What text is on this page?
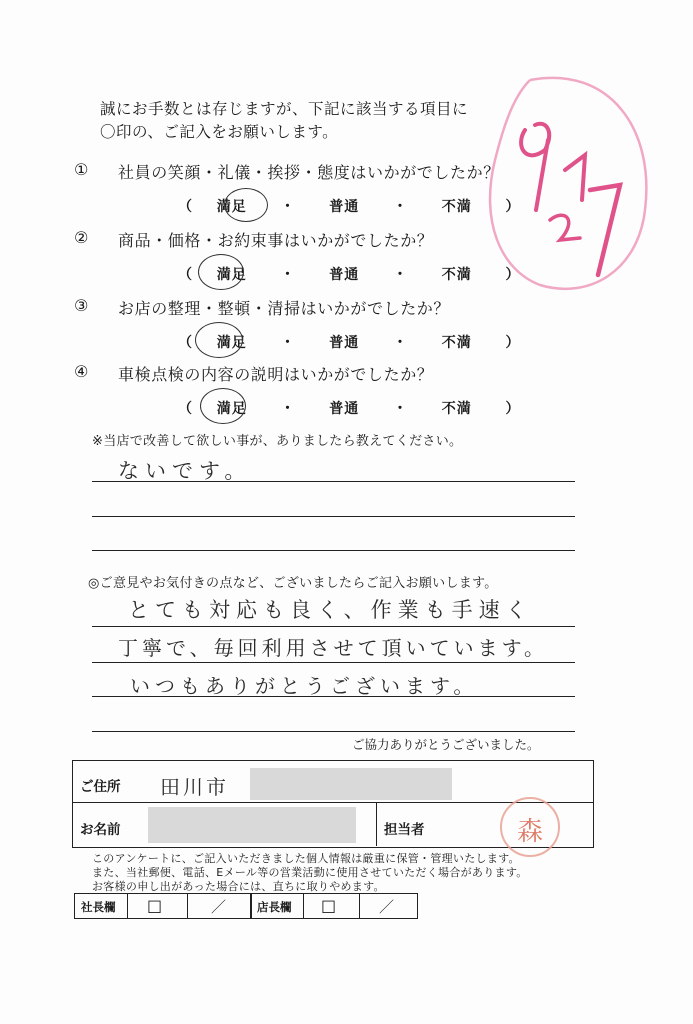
誠にお手数とは存じますが、下記に該当する項目に
〇印の、ご記入をお願いします。
① 社員の笑顔・礼儀・挨拶・態度はいかがでしたか？
（ 満足 ・ 普通 ・ 不満 ）
② 商品・価格・お約束事はいかがでしたか？
（ 満足 ・ 普通 ・ 不満 ）
③ お店の整理・整頓・清掃はいかがでしたか？
（ 満足 ・ 普通 ・ 不満 ）
④ 車検点検の内容の説明はいかがでしたか？
（ 満足 ・ 普通 ・ 不満 ）
※当店で改善して欲しい事が、ありましたら教えてください。
ないです。
◎ご意見やお気付きの点など、ございましたらご記入お願いします。
とても対応も良く、作業も手速く
丁寧で、毎回利用させて頂いています。
いつもありがとうございます。
ご協力ありがとうございました。
ご住所 田川市
お名前	担当者	森
このアンケートに、ご記入いただきました個人情報は厳重に保管・管理いたします。
また、当社郵便、電話、Eメール等の営業活動に使用させていただく場合があります。
お客様の申し出があった場合には、直ちに取りやめます。
社長欄 □	／	店長欄 □	／
